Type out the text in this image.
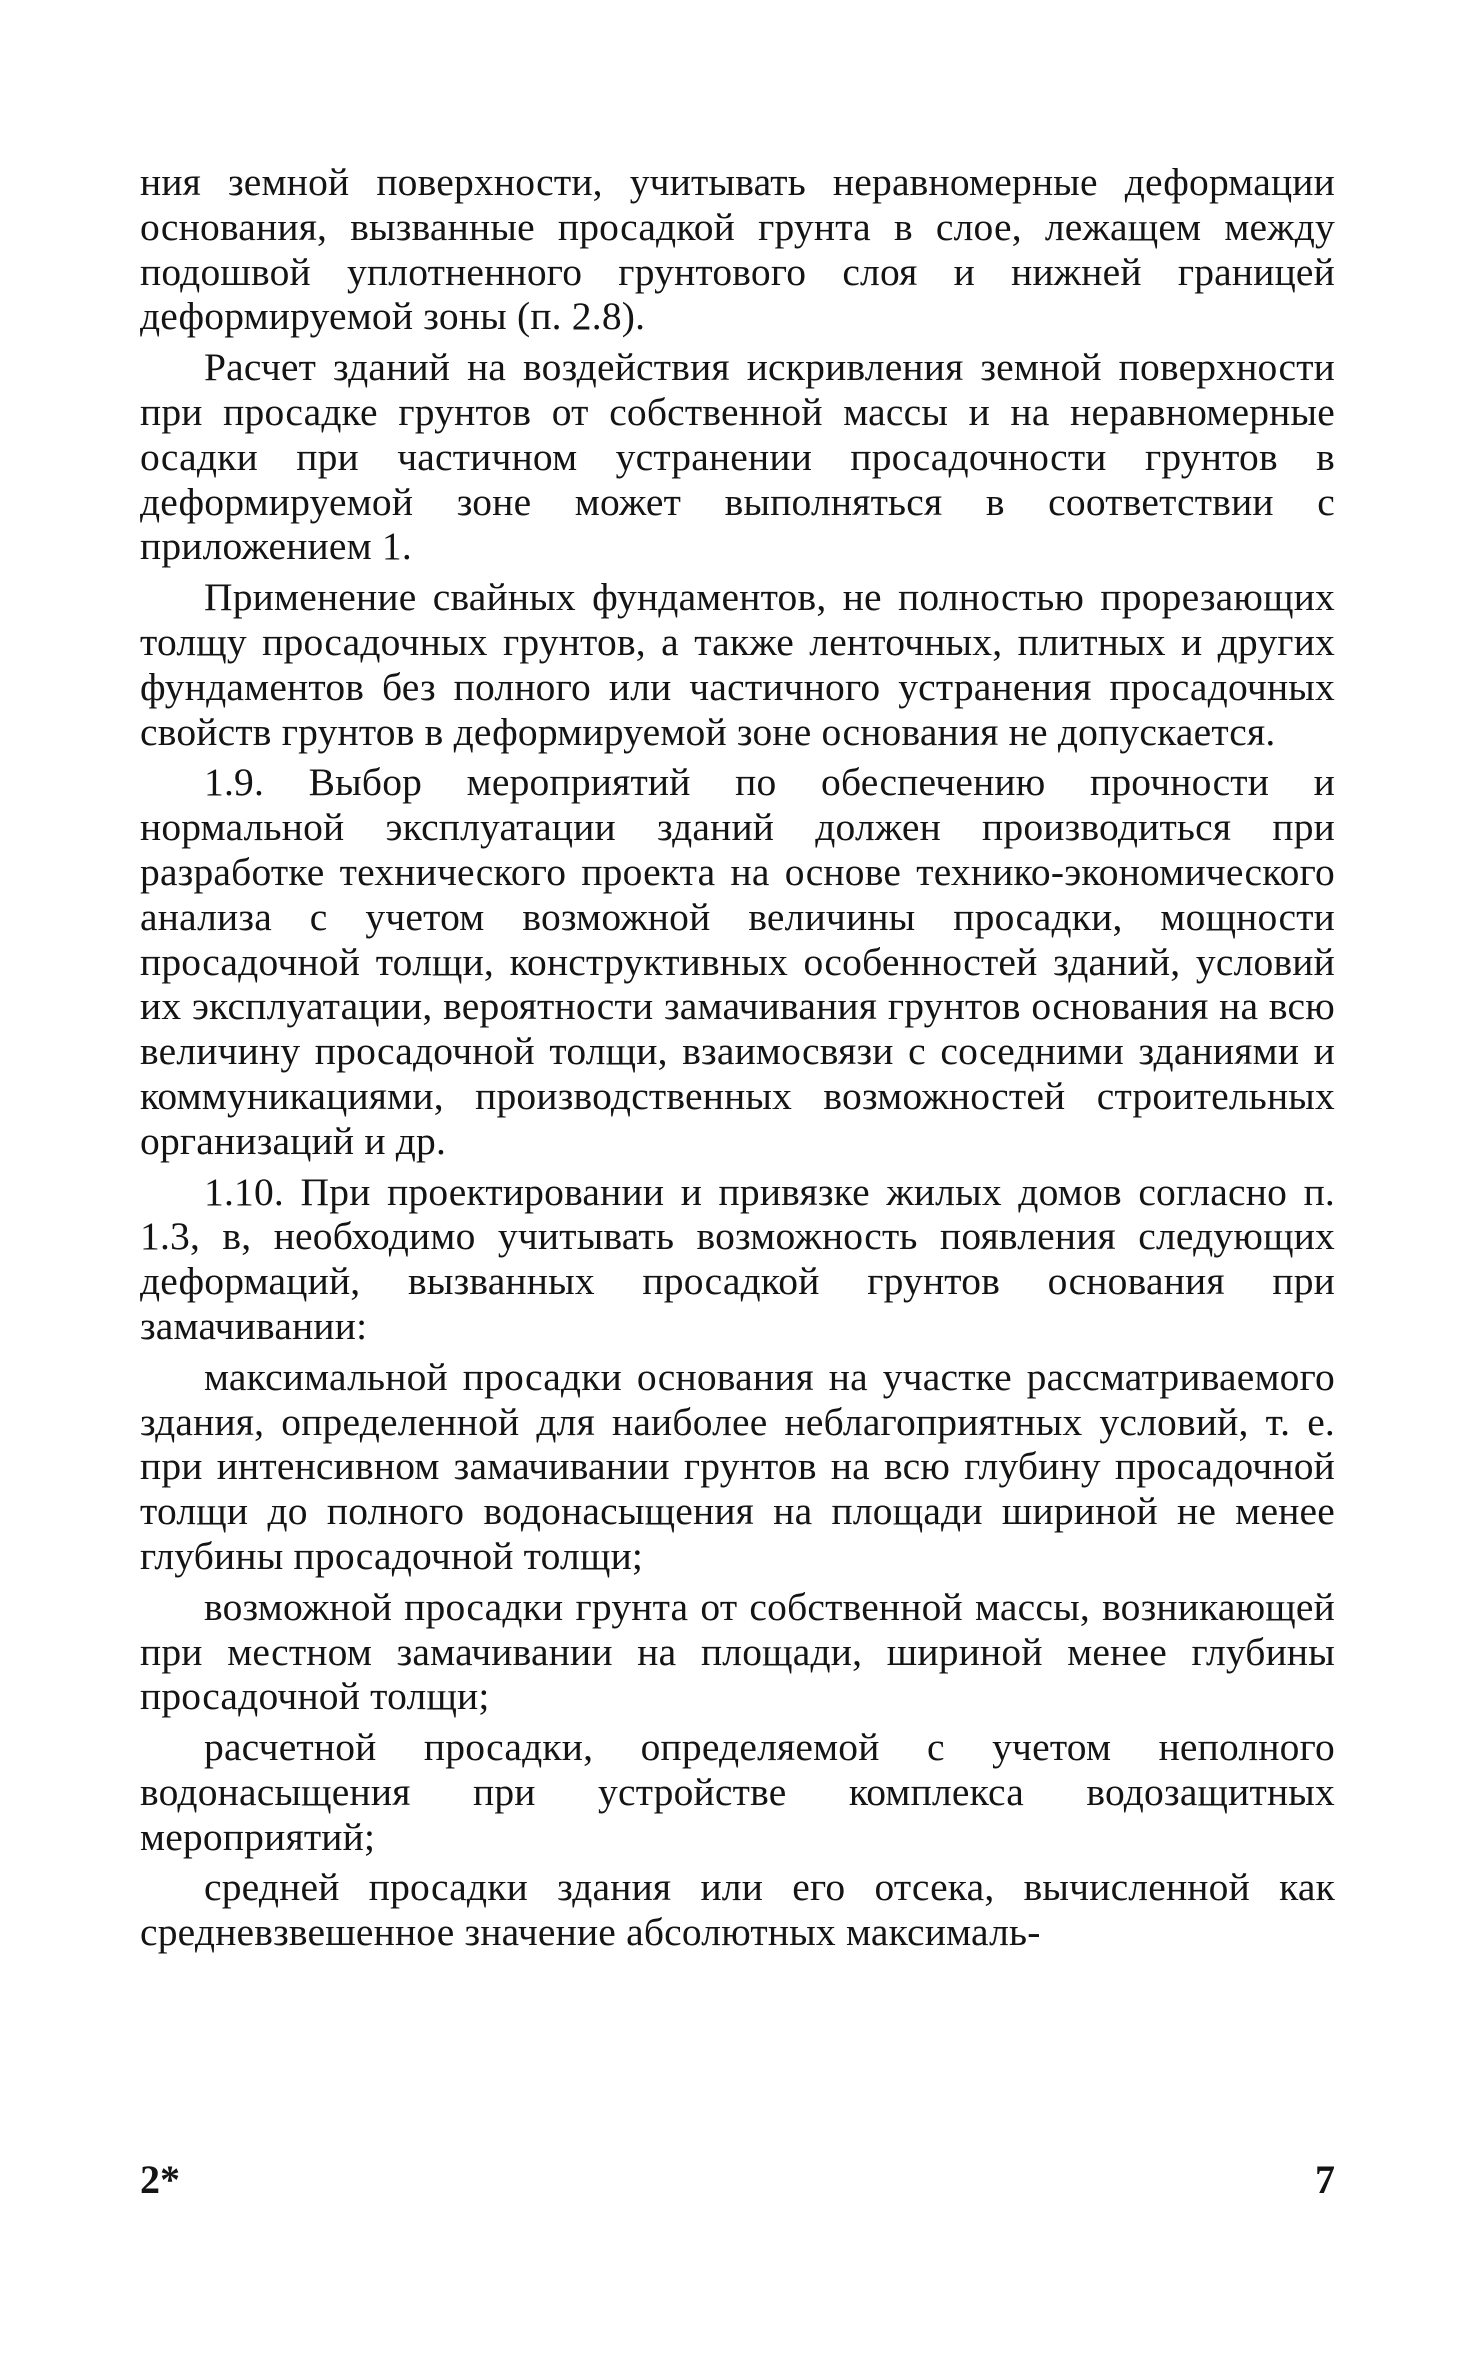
ния земной поверхности, учитывать неравномерные деформации основания, вызванные просадкой грунта в слое, лежащем между подошвой уплотненного грунтового слоя и нижней границей деформируемой зоны (п. 2.8).

Расчет зданий на воздействия искривления земной поверхности при просадке грунтов от собственной массы и на неравномерные осадки при частичном устранении просадочности грунтов в деформируемой зоне может выполняться в соответствии с приложением 1.

Применение свайных фундаментов, не полностью прорезающих толщу просадочных грунтов, а также ленточных, плитных и других фундаментов без полного или частичного устранения просадочных свойств грунтов в деформируемой зоне основания не допускается.

1.9. Выбор мероприятий по обеспечению прочности и нормальной эксплуатации зданий должен производиться при разработке технического проекта на основе технико-экономического анализа с учетом возможной величины просадки, мощности просадочной толщи, конструктивных особенностей зданий, условий их эксплуатации, вероятности замачивания грунтов основания на всю величину просадочной толщи, взаимосвязи с соседними зданиями и коммуникациями, производственных возможностей строительных организаций и др.

1.10. При проектировании и привязке жилых домов согласно п. 1.3, в, необходимо учитывать возможность появления следующих деформаций, вызванных просадкой грунтов основания при замачивании:

максимальной просадки основания на участке рассматриваемого здания, определенной для наиболее неблагоприятных условий, т. е. при интенсивном замачивании грунтов на всю глубину просадочной толщи до полного водонасыщения на площади шириной не менее глубины просадочной толщи;

возможной просадки грунта от собственной массы, возникающей при местном замачивании на площади, шириной менее глубины просадочной толщи;

расчетной просадки, определяемой с учетом неполного водонасыщения при устройстве комплекса водозащитных мероприятий;

средней просадки здания или его отсека, вычисленной как средневзвешенное значение абсолютных максималь-

2*	7
